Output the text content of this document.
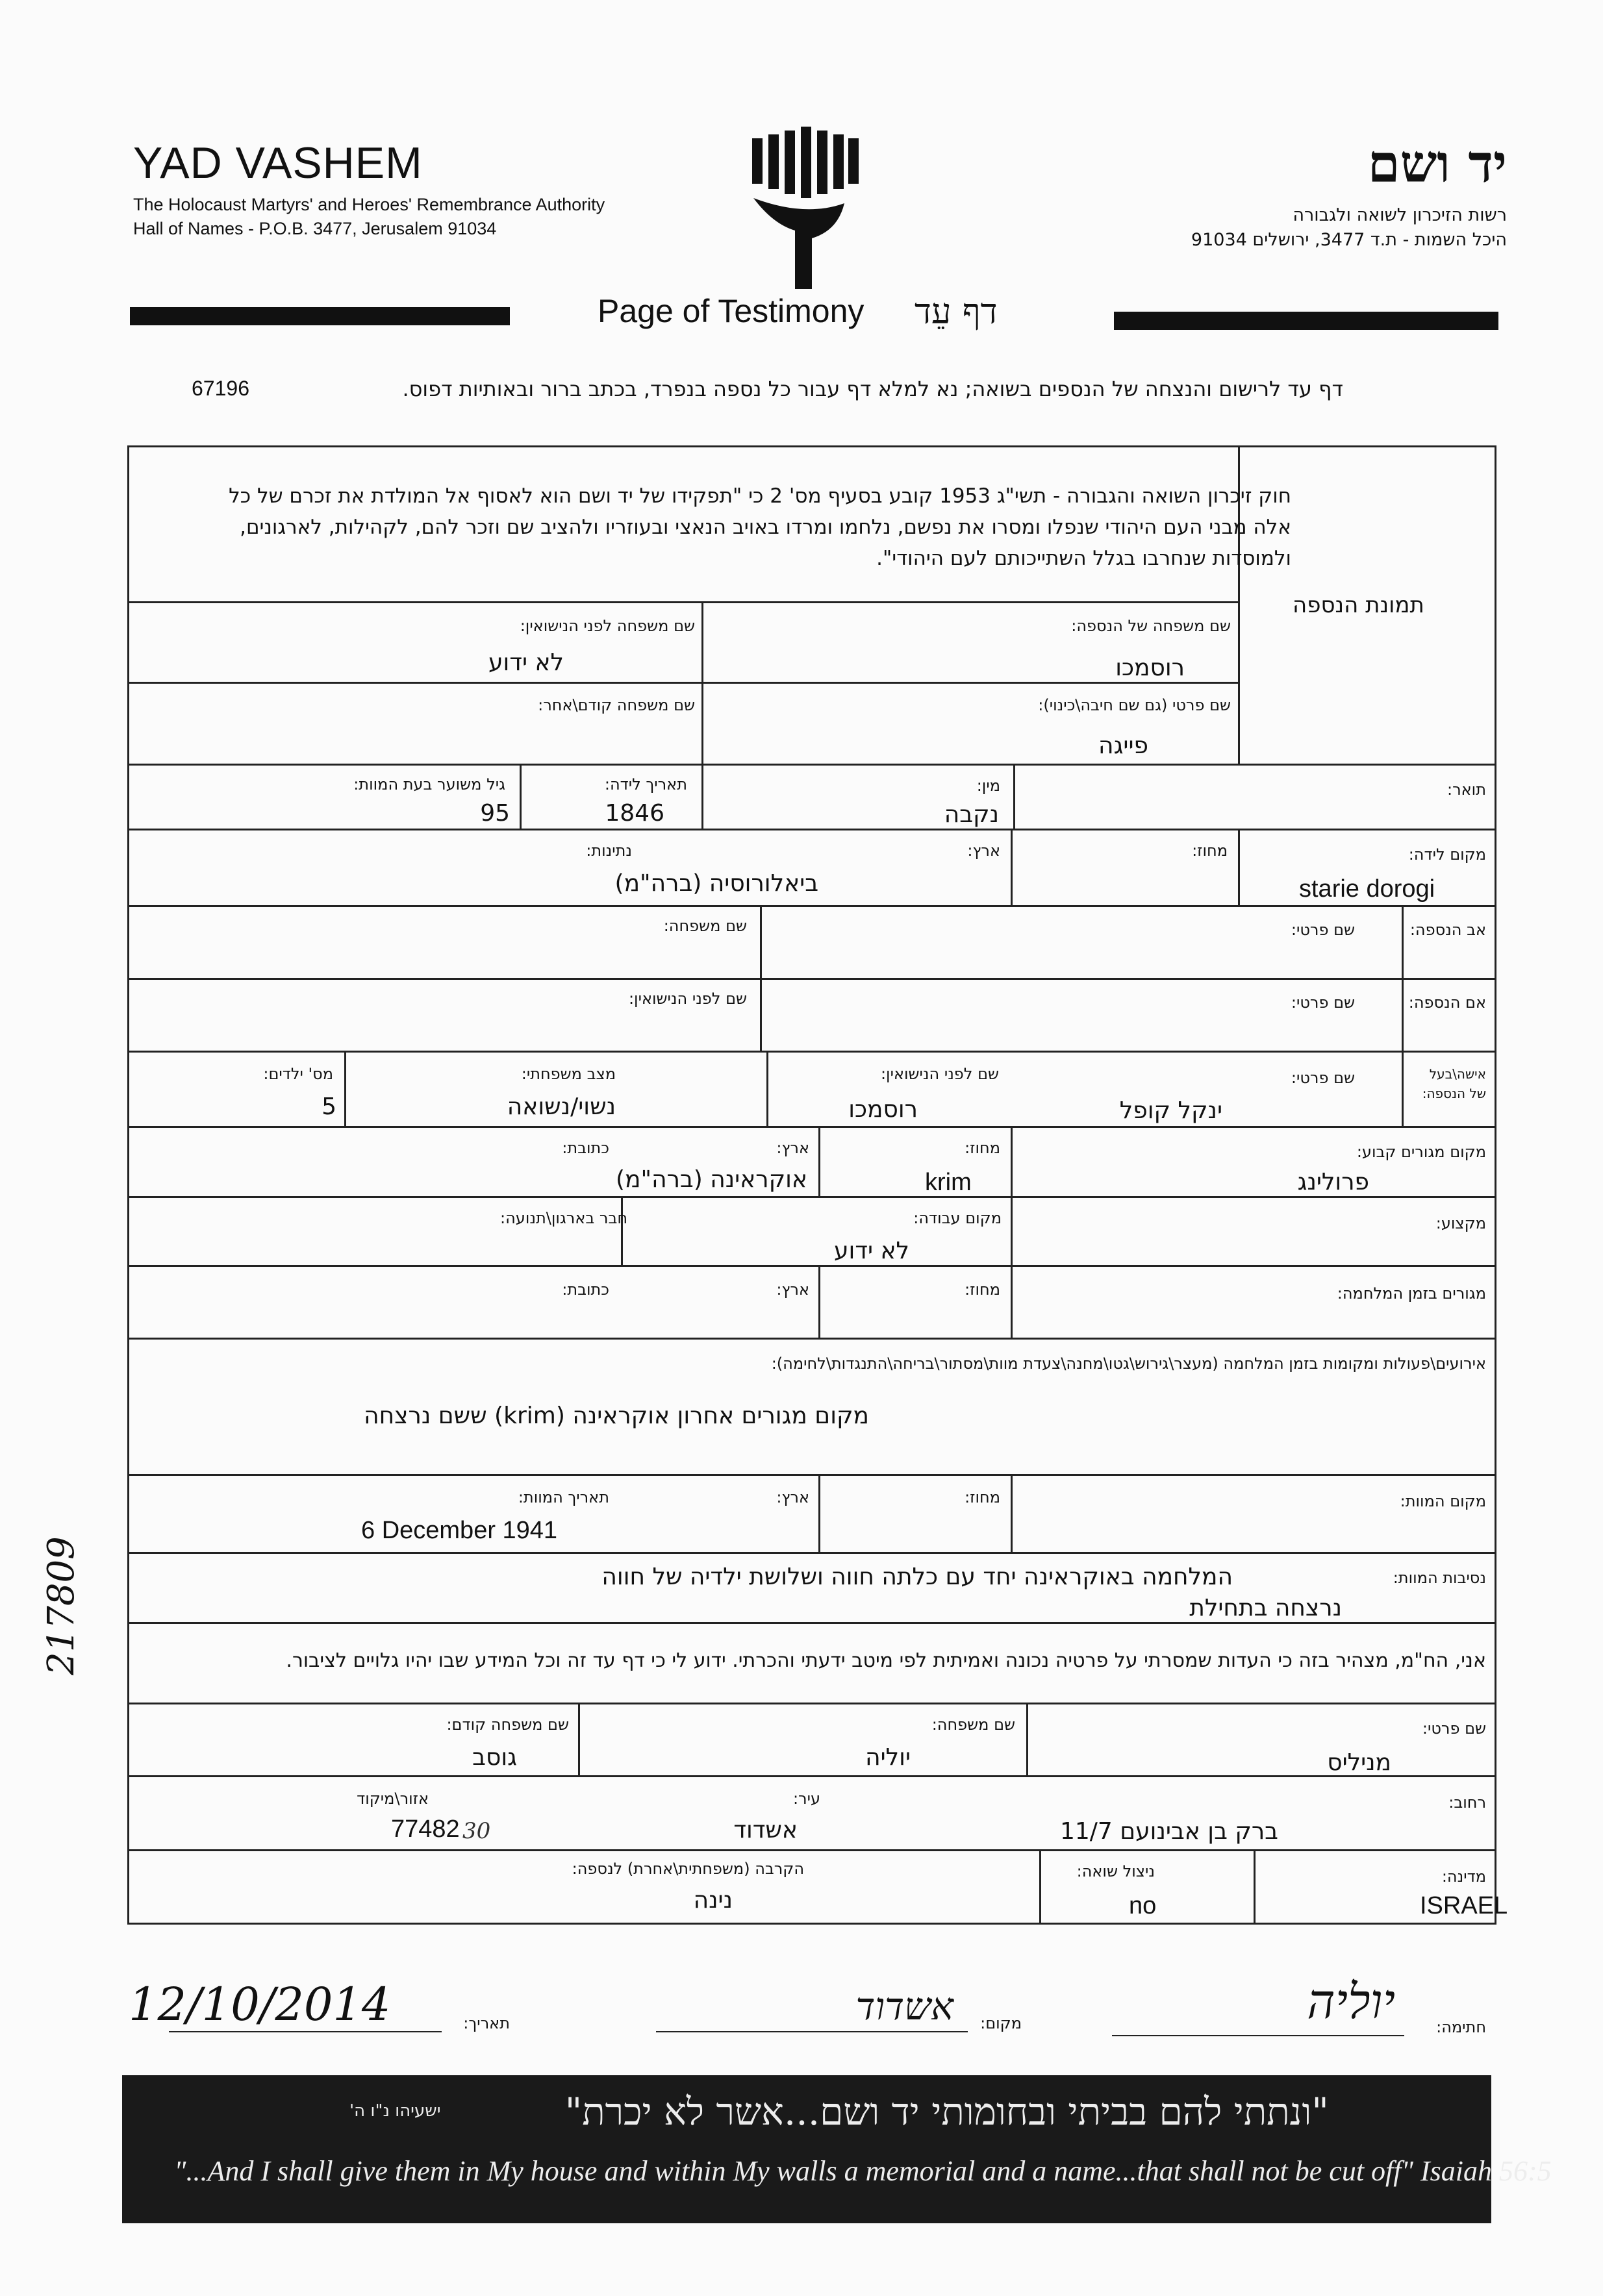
YAD VASHEM
The Holocaust Martyrs' and Heroes' Remembrance Authority
Hall of Names - P.O.B. 3477, Jerusalem 91034
יד ושם
רשות הזיכרון לשואה ולגבורה
היכל השמות - ת.ד 3477, ירושלים 91034
Page of Testimony דף עֵד
דף עד לרישום והנצחה של הנספים בשואה; נא למלא דף עבור כל נספה בנפרד, בכתב ברור ובאותיות דפוס.
67196
חוק זיכרון השואה והגבורה - תשי"ג 1953 קובע בסעיף מס' 2 כי "תפקידו של יד ושם הוא לאסוף אל המולדת את זכרם של כל אלה מבני העם היהודי שנפלו ומסרו את נפשם, נלחמו ומרדו באויב הנאצי ובעוזריו ולהציב שם וזכר להם, לקהילות, לארגונים, ולמוסדות שנחרבו בגלל השתייכותם לעם היהודי".
תמונת הנספה
שם משפחה של הנספה:
רוסמכו
שם משפחה לפני הנישואין:
לא ידוע
שם פרטי (גם שם חיבה\כינוי):
פייגה
שם משפחה קודם\אחר:
תואר:
מין:
נקבה
תאריך לידה:
1846
גיל משוער בעת המוות:
95
מקום לידה:
starie dorogi
מחוז:
ארץ:
נתינות:
ביאלורוסיה (ברה"מ)
אב הנספה:
שם פרטי:
שם משפחה:
אם הנספה:
שם פרטי:
שם לפני הנישואין:
אישה\בעל
של הנספה:
שם פרטי:
ינקל קופל
שם לפני הנישואין:
רוסמכו
מצב משפחתי:
נשוי/נשואה
מס' ילדים:
5
מקום מגורים קבוע:
פרולינג
מחוז:
krim
ארץ:
כתובת:
אוקראינה (ברה"מ)
מקצוע:
מקום עבודה:
לא ידוע
חבר בארגון\תנועה:
מגורים בזמן המלחמה:
מחוז:
ארץ:
כתובת:
אירועים\פעולות ומקומות בזמן המלחמה (מעצר\גירוש\גטו\מחנה\צעדת מוות\מסתור\בריחה\התנגדות\לחימה):
מקום מגורים אחרון אוקראינה (krim) ששם נרצחה
מקום המוות:
מחוז:
ארץ:
תאריך המוות:
6 December 1941
נסיבות המוות:
המלחמה באוקראינה יחד עם כלתה חווה ושלושת ילדיה של חווה
נרצחה בתחילת
אני, הח"מ, מצהיר בזה כי העדות שמסרתי על פרטיה נכונה ואמיתית לפי מיטב ידעתי והכרתי. ידוע לי כי דף עד זה וכל המידע שבו יהיו גלויים לציבור.
שם פרטי:
מניליס
שם משפחה:
יוליה
שם משפחה קודם:
גוסב
רחוב:
ברק בן אבינועם 11/7
עיר:
אשדוד
אזור\מיקוד
77482 30
מדינה:
ISRAEL
ניצול שואה:
no
הקרבה (משפחתית\אחרת) לנספה:
נינה
חתימה:
יוליה
מקום:
אשדוד
תאריך:
12/10/2014
217809
"ונתתי להם בביתי ובחומותי יד ושם...אשר לא יכרת"
ישעיהו נ"ו ה'
"...And I shall give them in My house and within My walls a memorial and a name...that shall not be cut off" Isaiah 56:5
